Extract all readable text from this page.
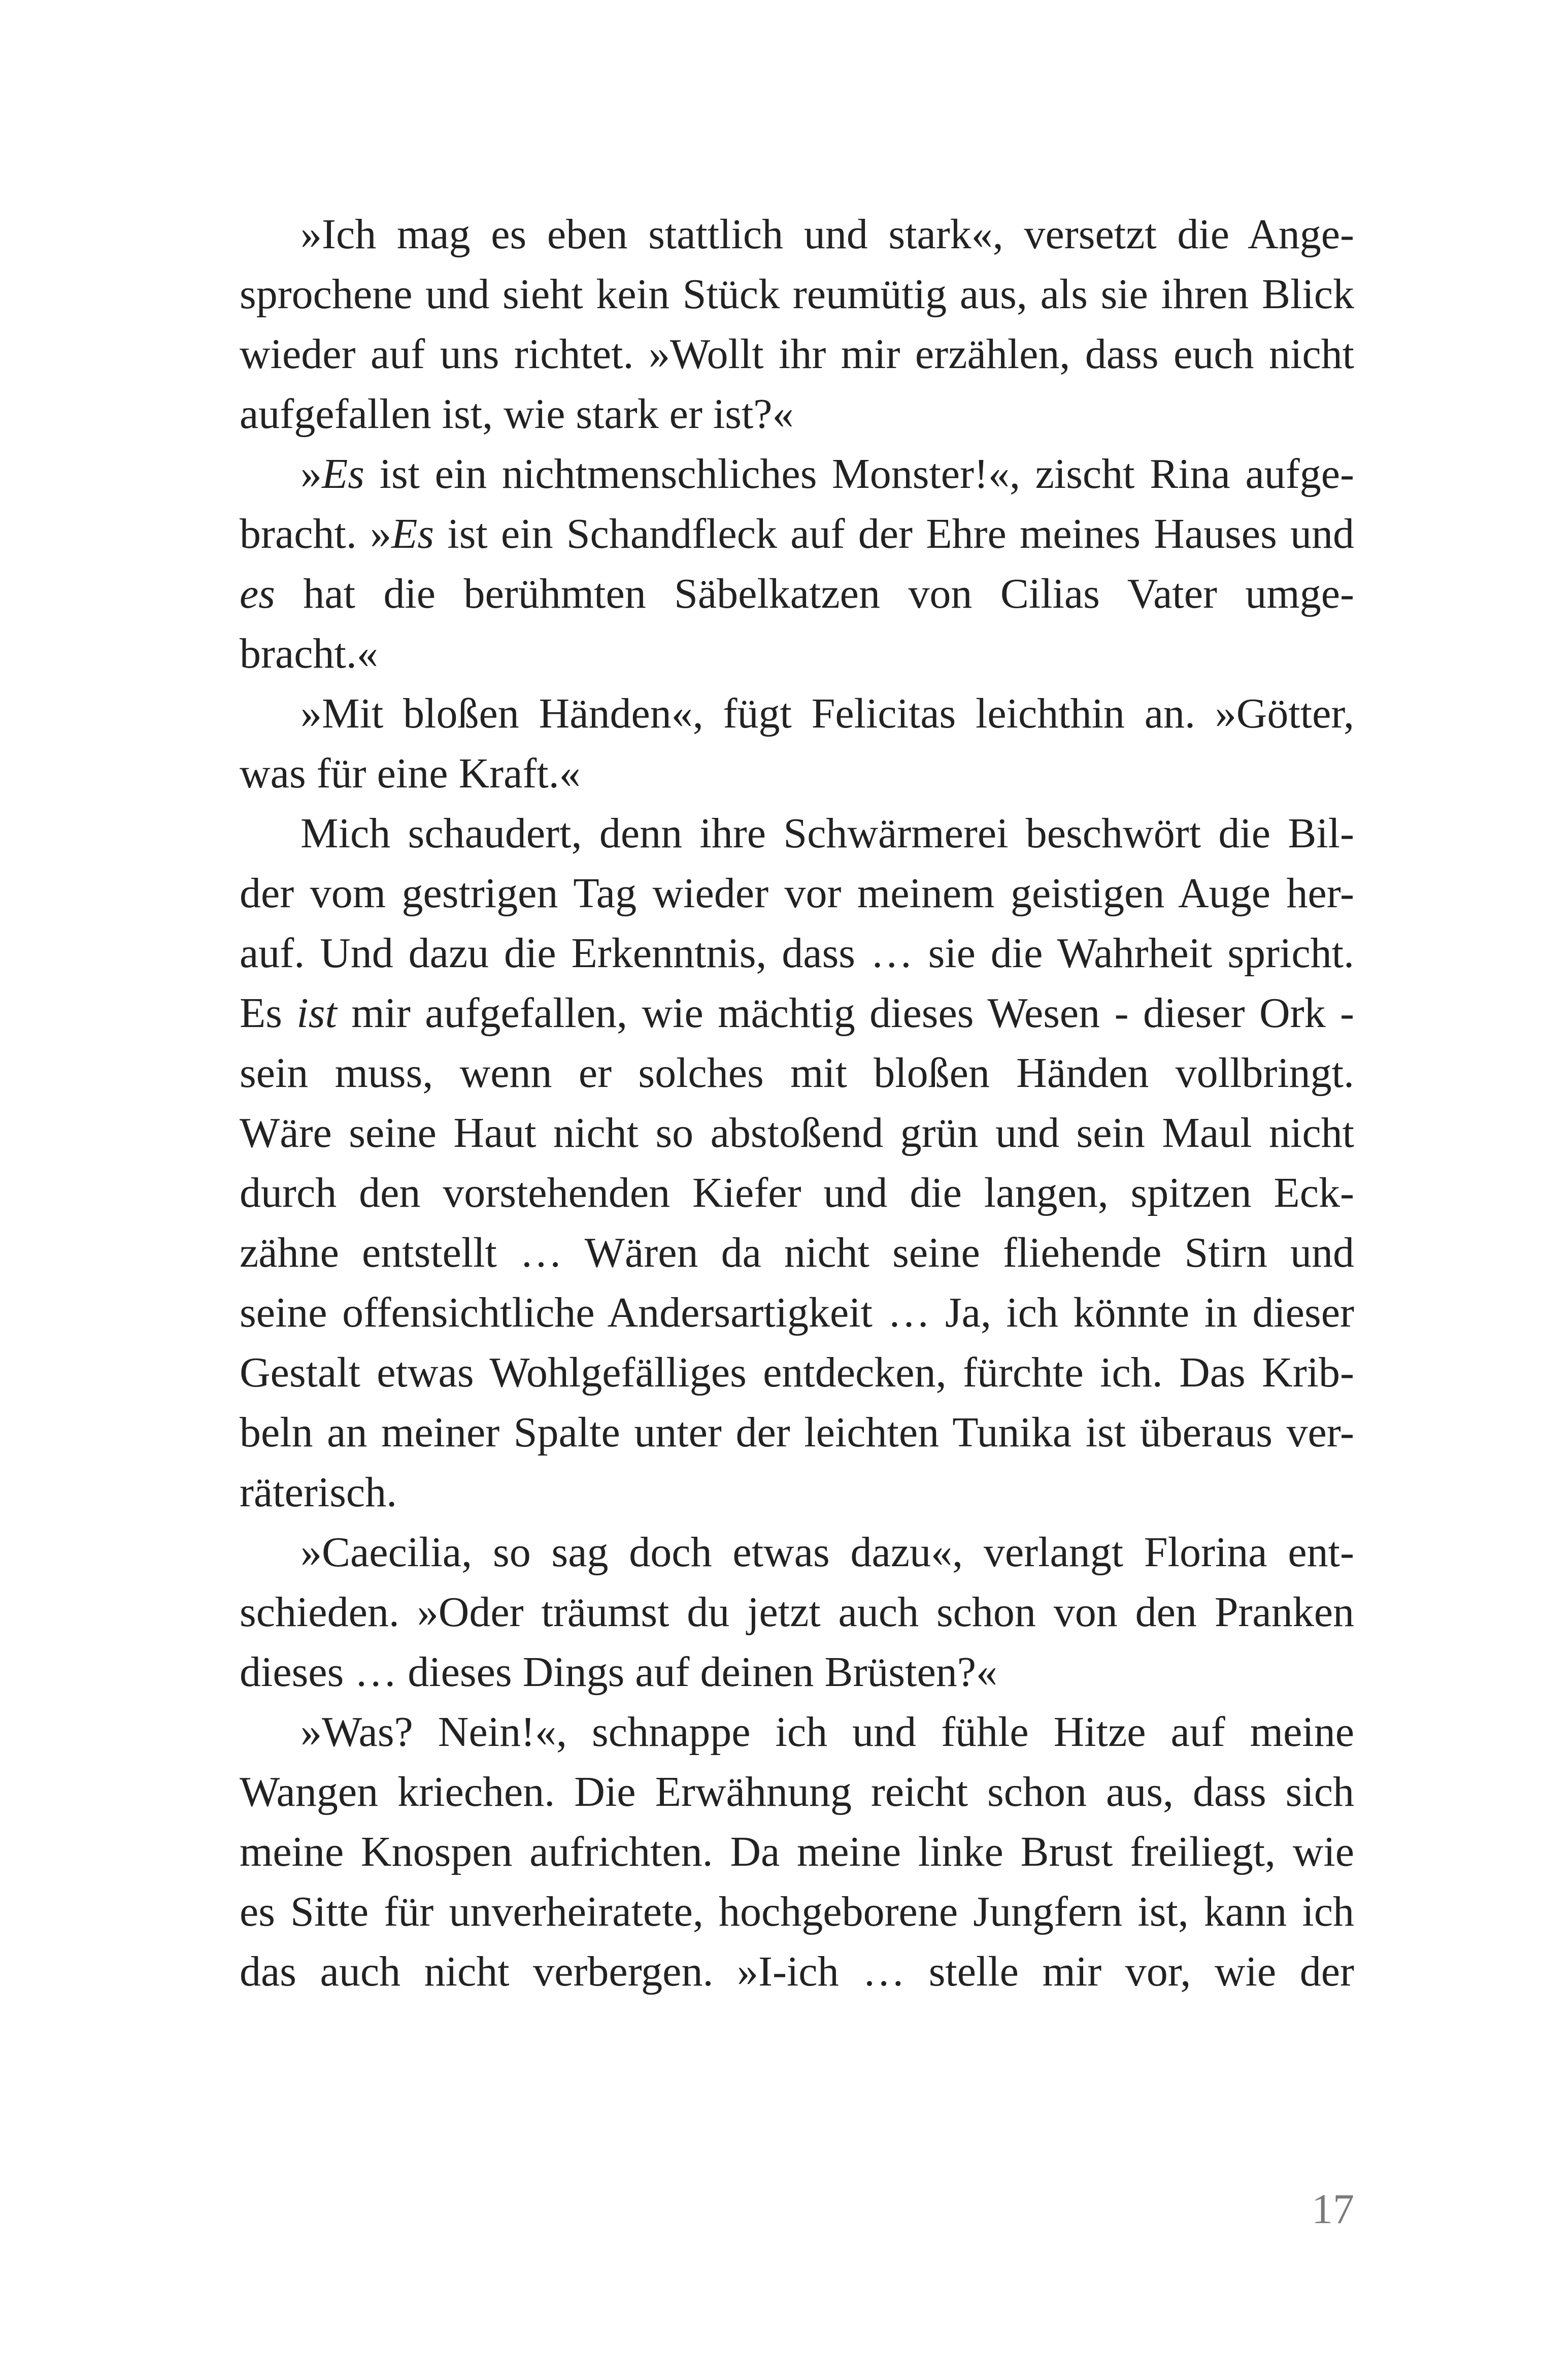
»Ich mag es eben stattlich und stark«, versetzt die Ange-
sprochene und sieht kein Stück reumütig aus, als sie ihren Blick
wieder auf uns richtet. »Wollt ihr mir erzählen, dass euch nicht
aufgefallen ist, wie stark er ist?«
»Es ist ein nichtmenschliches Monster!«, zischt Rina aufge-
bracht. »Es ist ein Schandfleck auf der Ehre meines Hauses und
es hat die berühmten Säbelkatzen von Cilias Vater umge-
bracht.«
»Mit bloßen Händen«, fügt Felicitas leichthin an. »Götter,
was für eine Kraft.«
Mich schaudert, denn ihre Schwärmerei beschwört die Bil-
der vom gestrigen Tag wieder vor meinem geistigen Auge her-
auf. Und dazu die Erkenntnis, dass … sie die Wahrheit spricht.
Es ist mir aufgefallen, wie mächtig dieses Wesen - dieser Ork -
sein muss, wenn er solches mit bloßen Händen vollbringt.
Wäre seine Haut nicht so abstoßend grün und sein Maul nicht
durch den vorstehenden Kiefer und die langen, spitzen Eck-
zähne entstellt … Wären da nicht seine fliehende Stirn und
seine offensichtliche Andersartigkeit … Ja, ich könnte in dieser
Gestalt etwas Wohlgefälliges entdecken, fürchte ich. Das Krib-
beln an meiner Spalte unter der leichten Tunika ist überaus ver-
räterisch.
»Caecilia, so sag doch etwas dazu«, verlangt Florina ent-
schieden. »Oder träumst du jetzt auch schon von den Pranken
dieses … dieses Dings auf deinen Brüsten?«
»Was? Nein!«, schnappe ich und fühle Hitze auf meine
Wangen kriechen. Die Erwähnung reicht schon aus, dass sich
meine Knospen aufrichten. Da meine linke Brust freiliegt, wie
es Sitte für unverheiratete, hochgeborene Jungfern ist, kann ich
das auch nicht verbergen. »I-ich … stelle mir vor, wie der
17
